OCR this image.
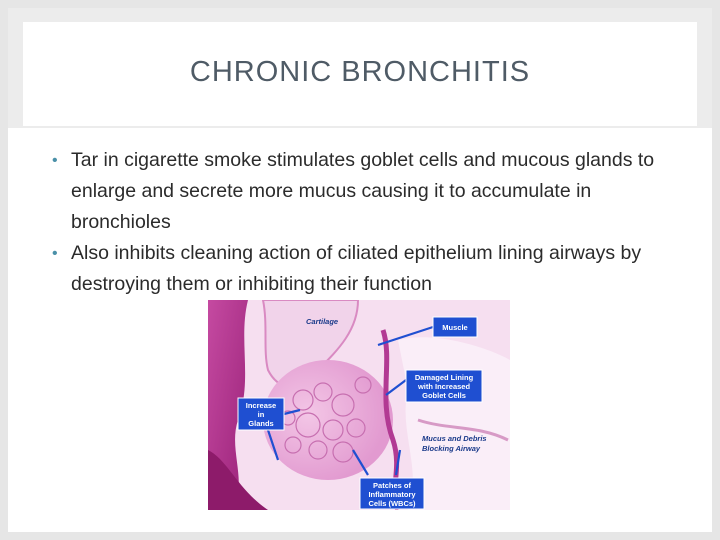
CHRONIC BRONCHITIS
• Tar in cigarette smoke stimulates goblet cells and mucous glands to enlarge and secrete more mucus causing it to accumulate in bronchioles
• Also inhibits cleaning action of ciliated epithelium lining airways by destroying them or inhibiting their function
Cartilage
Muscle
Damaged Lining
with Increased
Goblet Cells
Increase
in
Glands
Mucus and Debris
Blocking Airway
Patches of
Inflammatory
Cells (WBCs)
